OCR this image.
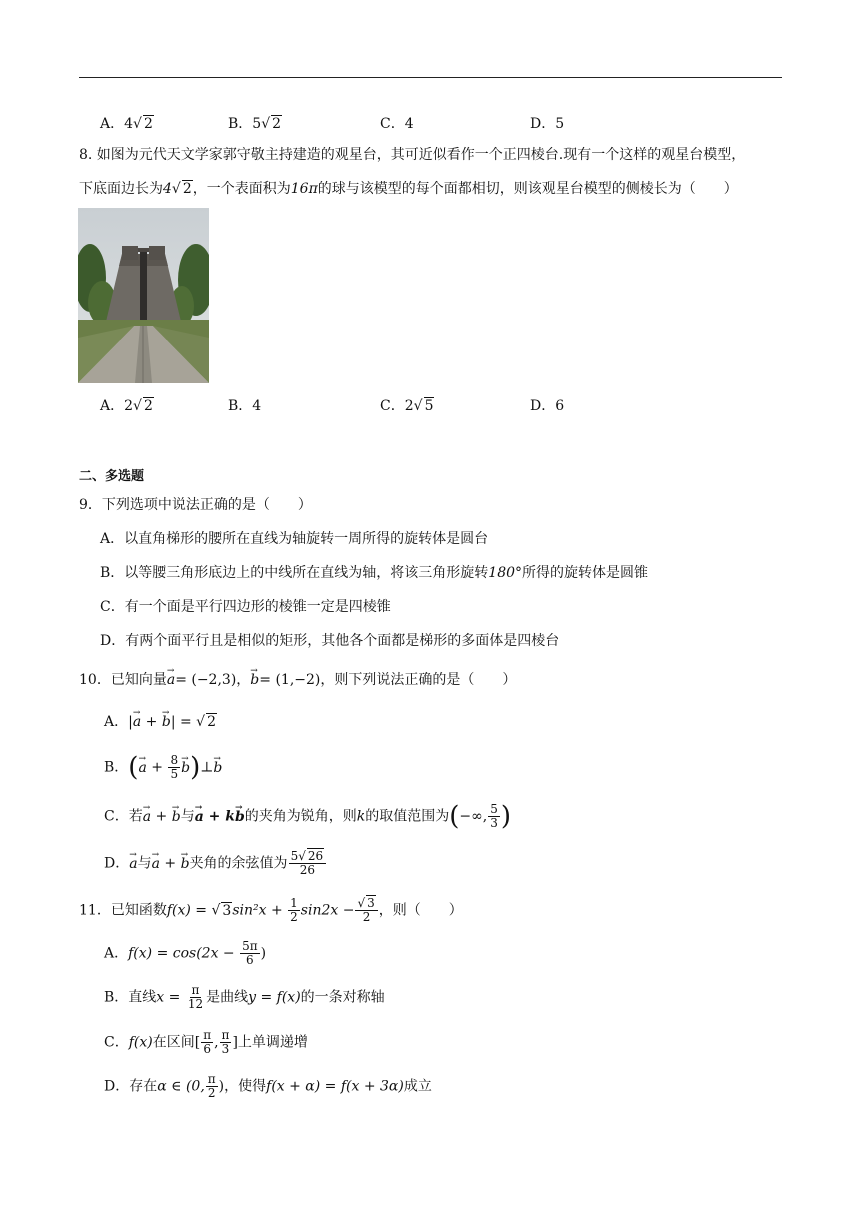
A．4√ 2	B．5√ 2	C．4	D．5
8. 如图为元代天文学家郭守敬主持建造的观星台，其可近似看作一个正四棱台.现有一个这样的观星台模型，
下底面边长为4√ 2，一个表面积为16π的球与该模型的每个面都相切，则该观星台模型的侧棱长为（　　）
A．2√ 2	B．4	C．2√ 5	D．6
二、多选题
9．下列选项中说法正确的是（　　）
A．以直角梯形的腰所在直线为轴旋转一周所得的旋转体是圆台
B．以等腰三角形底边上的中线所在直线为轴，将该三角形旋转180°所得的旋转体是圆锥
C．有一个面是平行四边形的棱锥一定是四棱锥
D．有两个面平行且是相似的矩形，其他各个面都是梯形的多面体是四棱台
10．已知向量→ a= (−2,3)，→ b= (1,−2)，则下列说法正确的是（　　）
A．|→ a + → b| = √ 2
B．(→ $a + \frac{8}{5}$
→ b)⊥→ b
C．若→ a + → b与→ a + k→ b的夹角为锐角，则k的取值范围为(−∞, $\frac{5}{3}$ )
D．→ a与→ a + → b夹角的余弦值为 $\frac{5√ 26}{26}$
11．已知函数f(x) = √ $3\sin^2x + \frac{1}{2} \sin 2x - \frac{√ 3}{2}$ ，则（　　）
A．$f(x) = \cos(2x - \frac{5\pi}{6}$ )
B．直线$x = \frac{\pi}{12}$ 是曲线y = f(x)的一条对称轴
C．f(x)在区间[ $\frac{\pi}{6}$ , $\frac{\pi}{3}$ ]上单调递增
D．存在α ∈ (0, $\frac{\pi}{2}$ )，使得f(x + α) = f(x + 3α)成立
